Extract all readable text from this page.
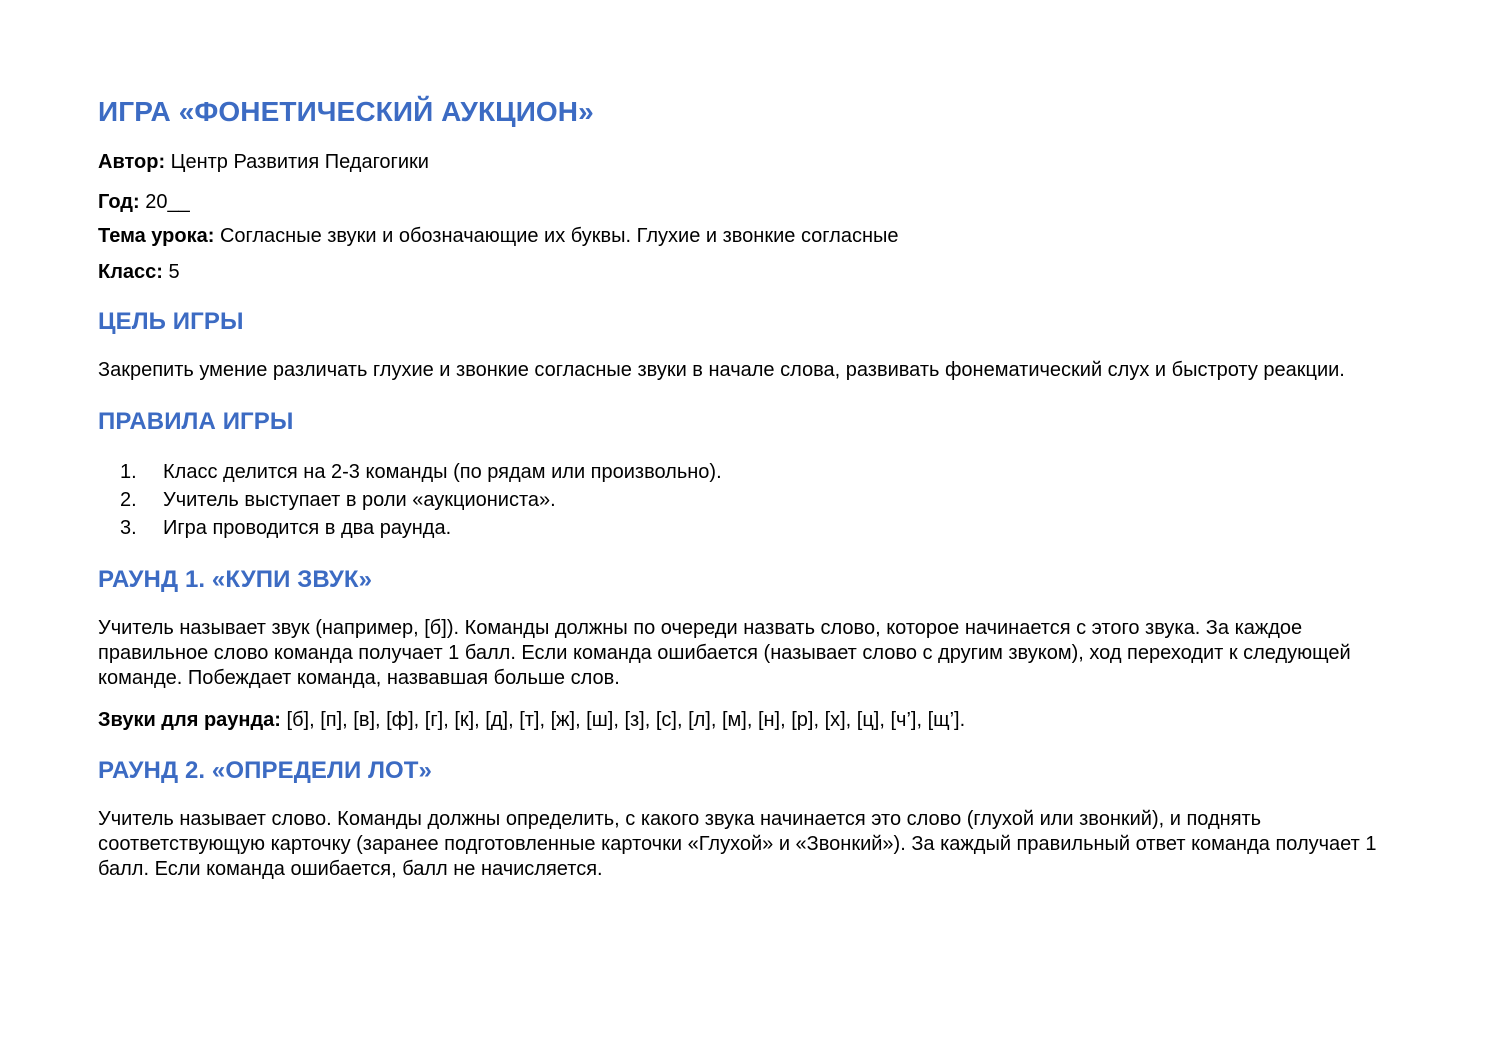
ИГРА «ФОНЕТИЧЕСКИЙ АУКЦИОН»

Автор: Центр Развития Педагогики

Год: 20__

Тема урока: Согласные звуки и обозначающие их буквы. Глухие и звонкие согласные

Класс: 5

ЦЕЛЬ ИГРЫ

Закрепить умение различать глухие и звонкие согласные звуки в начале слова, развивать фонематический слух и быстроту реакции.

ПРАВИЛА ИГРЫ
1. Класс делится на 2-3 команды (по рядам или произвольно).
2. Учитель выступает в роли «аукциониста».
3. Игра проводится в два раунда.
РАУНД 1. «КУПИ ЗВУК»

Учитель называет звук (например, [б]). Команды должны по очереди назвать слово, которое начинается с этого звука. За каждое правильное слово команда получает 1 балл. Если команда ошибается (называет слово с другим звуком), ход переходит к следующей команде. Побеждает команда, назвавшая больше слов.

Звуки для раунда: [б], [п], [в], [ф], [г], [к], [д], [т], [ж], [ш], [з], [с], [л], [м], [н], [р], [х], [ц], [ч’], [щ’].

РАУНД 2. «ОПРЕДЕЛИ ЛОТ»

Учитель называет слово. Команды должны определить, с какого звука начинается это слово (глухой или звонкий), и поднять соответствующую карточку (заранее подготовленные карточки «Глухой» и «Звонкий»). За каждый правильный ответ команда получает 1 балл. Если команда ошибается, балл не начисляется.
